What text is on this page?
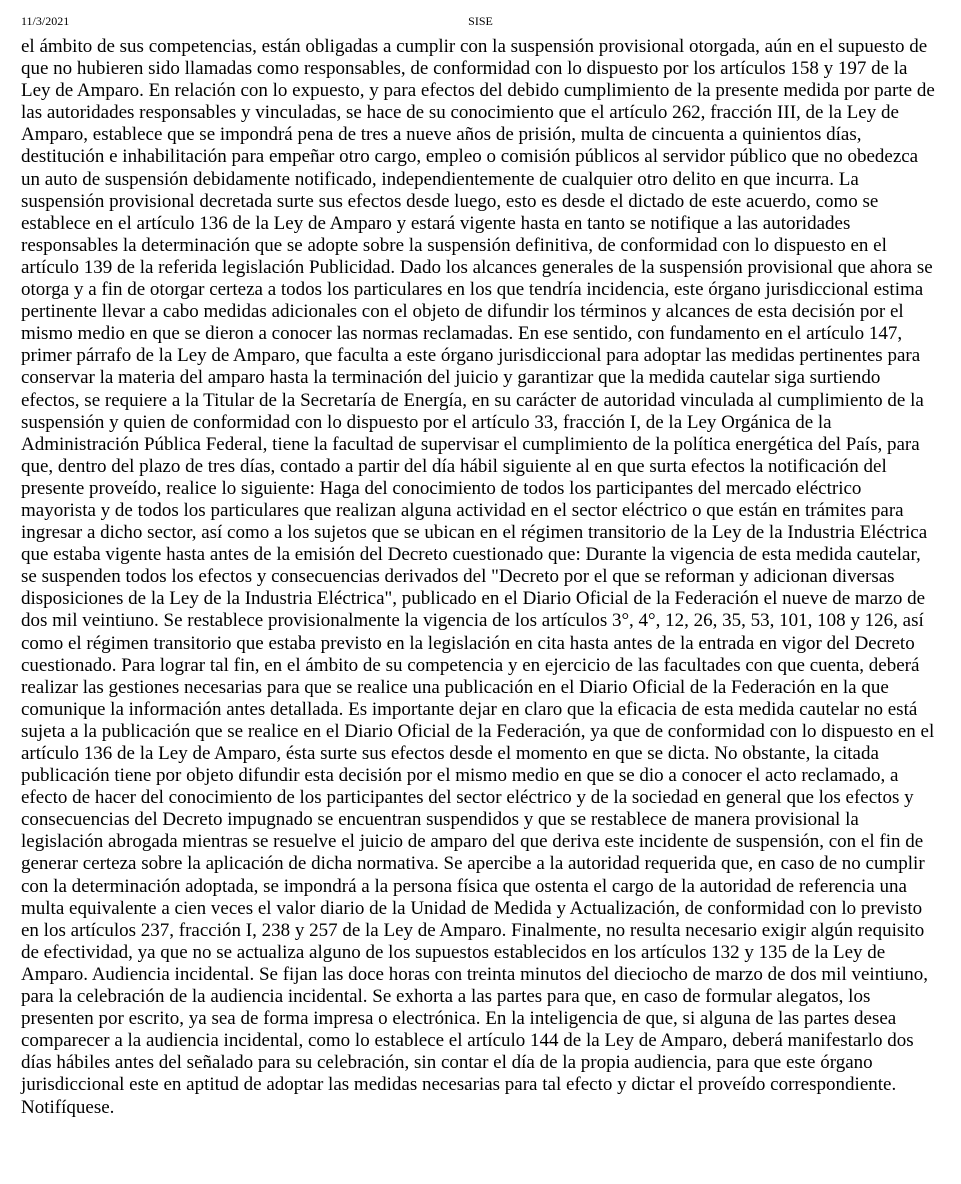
11/3/2021	SISE

el ámbito de sus competencias, están obligadas a cumplir con la suspensión provisional otorgada, aún en el supuesto de que no hubieren sido llamadas como responsables, de conformidad con lo dispuesto por los artículos 158 y 197 de la Ley de Amparo. En relación con lo expuesto, y para efectos del debido cumplimiento de la presente medida por parte de las autoridades responsables y vinculadas, se hace de su conocimiento que el artículo 262, fracción III, de la Ley de Amparo, establece que se impondrá pena de tres a nueve años de prisión, multa de cincuenta a quinientos días, destitución e inhabilitación para empeñar otro cargo, empleo o comisión públicos al servidor público que no obedezca un auto de suspensión debidamente notificado, independientemente de cualquier otro delito en que incurra. La suspensión provisional decretada surte sus efectos desde luego, esto es desde el dictado de este acuerdo, como se establece en el artículo 136 de la Ley de Amparo y estará vigente hasta en tanto se notifique a las autoridades responsables la determinación que se adopte sobre la suspensión definitiva, de conformidad con lo dispuesto en el artículo 139 de la referida legislación Publicidad. Dado los alcances generales de la suspensión provisional que ahora se otorga y a fin de otorgar certeza a todos los particulares en los que tendría incidencia, este órgano jurisdiccional estima pertinente llevar a cabo medidas adicionales con el objeto de difundir los términos y alcances de esta decisión por el mismo medio en que se dieron a conocer las normas reclamadas. En ese sentido, con fundamento en el artículo 147, primer párrafo de la Ley de Amparo, que faculta a este órgano jurisdiccional para adoptar las medidas pertinentes para conservar la materia del amparo hasta la terminación del juicio y garantizar que la medida cautelar siga surtiendo efectos, se requiere a la Titular de la Secretaría de Energía, en su carácter de autoridad vinculada al cumplimiento de la suspensión y quien de conformidad con lo dispuesto por el artículo 33, fracción I, de la Ley Orgánica de la Administración Pública Federal, tiene la facultad de supervisar el cumplimiento de la política energética del País, para que, dentro del plazo de tres días, contado a partir del día hábil siguiente al en que surta efectos la notificación del presente proveído, realice lo siguiente: Haga del conocimiento de todos los participantes del mercado eléctrico mayorista y de todos los particulares que realizan alguna actividad en el sector eléctrico o que están en trámites para ingresar a dicho sector, así como a los sujetos que se ubican en el régimen transitorio de la Ley de la Industria Eléctrica que estaba vigente hasta antes de la emisión del Decreto cuestionado que: Durante la vigencia de esta medida cautelar, se suspenden todos los efectos y consecuencias derivados del "Decreto por el que se reforman y adicionan diversas disposiciones de la Ley de la Industria Eléctrica", publicado en el Diario Oficial de la Federación el nueve de marzo de dos mil veintiuno. Se restablece provisionalmente la vigencia de los artículos 3°, 4°, 12, 26, 35, 53, 101, 108 y 126, así como el régimen transitorio que estaba previsto en la legislación en cita hasta antes de la entrada en vigor del Decreto cuestionado. Para lograr tal fin, en el ámbito de su competencia y en ejercicio de las facultades con que cuenta, deberá realizar las gestiones necesarias para que se realice una publicación en el Diario Oficial de la Federación en la que comunique la información antes detallada. Es importante dejar en claro que la eficacia de esta medida cautelar no está sujeta a la publicación que se realice en el Diario Oficial de la Federación, ya que de conformidad con lo dispuesto en el artículo 136 de la Ley de Amparo, ésta surte sus efectos desde el momento en que se dicta. No obstante, la citada publicación tiene por objeto difundir esta decisión por el mismo medio en que se dio a conocer el acto reclamado, a efecto de hacer del conocimiento de los participantes del sector eléctrico y de la sociedad en general que los efectos y consecuencias del Decreto impugnado se encuentran suspendidos y que se restablece de manera provisional la legislación abrogada mientras se resuelve el juicio de amparo del que deriva este incidente de suspensión, con el fin de generar certeza sobre la aplicación de dicha normativa. Se apercibe a la autoridad requerida que, en caso de no cumplir con la determinación adoptada, se impondrá a la persona física que ostenta el cargo de la autoridad de referencia una multa equivalente a cien veces el valor diario de la Unidad de Medida y Actualización, de conformidad con lo previsto en los artículos 237, fracción I, 238 y 257 de la Ley de Amparo. Finalmente, no resulta necesario exigir algún requisito de efectividad, ya que no se actualiza alguno de los supuestos establecidos en los artículos 132 y 135 de la Ley de Amparo. Audiencia incidental. Se fijan las doce horas con treinta minutos del dieciocho de marzo de dos mil veintiuno, para la celebración de la audiencia incidental. Se exhorta a las partes para que, en caso de formular alegatos, los presenten por escrito, ya sea de forma impresa o electrónica. En la inteligencia de que, si alguna de las partes desea comparecer a la audiencia incidental, como lo establece el artículo 144 de la Ley de Amparo, deberá manifestarlo dos días hábiles antes del señalado para su celebración, sin contar el día de la propia audiencia, para que este órgano jurisdiccional este en aptitud de adoptar las medidas necesarias para tal efecto y dictar el proveído correspondiente. Notifíquese.
